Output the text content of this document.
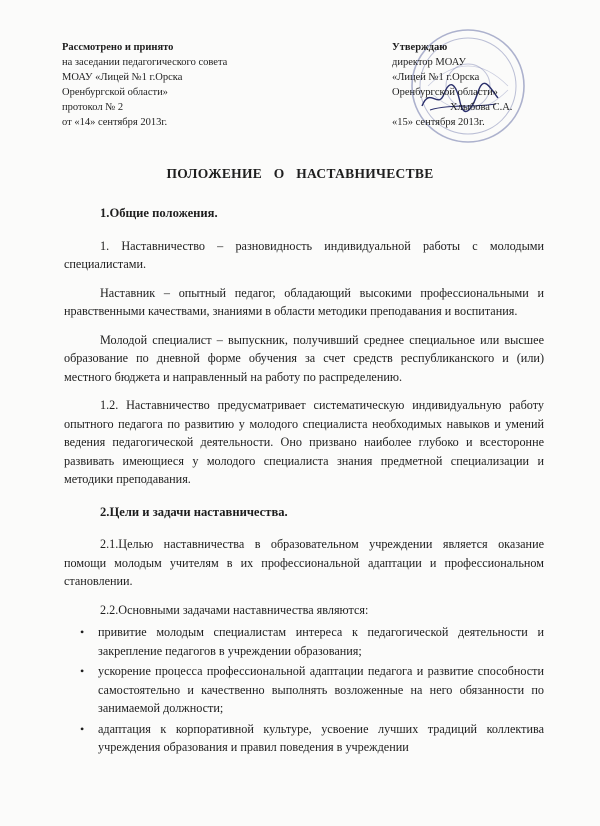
Рассмотрено и принято
на заседании педагогического совета
МОАУ «Лицей №1 г.Орска
Оренбургской области»
протокол № 2
от «14» сентября 2013г.
Утверждаю
директор МОАУ
«Лицей №1 г.Орска
Оренбургской области»
Хлыбова С.А.
«15» сентября 2013г.
ПОЛОЖЕНИЕ О НАСТАВНИЧЕСТВЕ
1.Общие положения.

1. Наставничество – разновидность индивидуальной работы с молодыми специалистами.

Наставник – опытный педагог, обладающий высокими профессиональными и нравственными качествами, знаниями в области методики преподавания и воспитания.

Молодой специалист – выпускник, получивший среднее специальное или высшее образование по дневной форме обучения за счет средств республиканского и (или) местного бюджета и направленный на работу по распределению.

1.2. Наставничество предусматривает систематическую индивидуальную работу опытного педагога по развитию у молодого специалиста необходимых навыков и умений ведения педагогической деятельности. Оно призвано наиболее глубоко и всесторонне развивать имеющиеся у молодого специалиста знания предметной специализации и методики преподавания.

2.Цели и задачи наставничества.

2.1.Целью наставничества в образовательном учреждении является оказание помощи молодым учителям в их профессиональной адаптации и профессиональном становлении.

2.2.Основными задачами наставничества являются:

• привитие молодым специалистам интереса к педагогической деятельности и закрепление педагогов в учреждении образования;
• ускорение процесса профессиональной адаптации педагога и развитие способности самостоятельно и качественно выполнять возложенные на него обязанности по занимаемой должности;
• адаптация к корпоративной культуре, усвоение лучших традиций коллектива учреждения образования и правил поведения в учреждении
